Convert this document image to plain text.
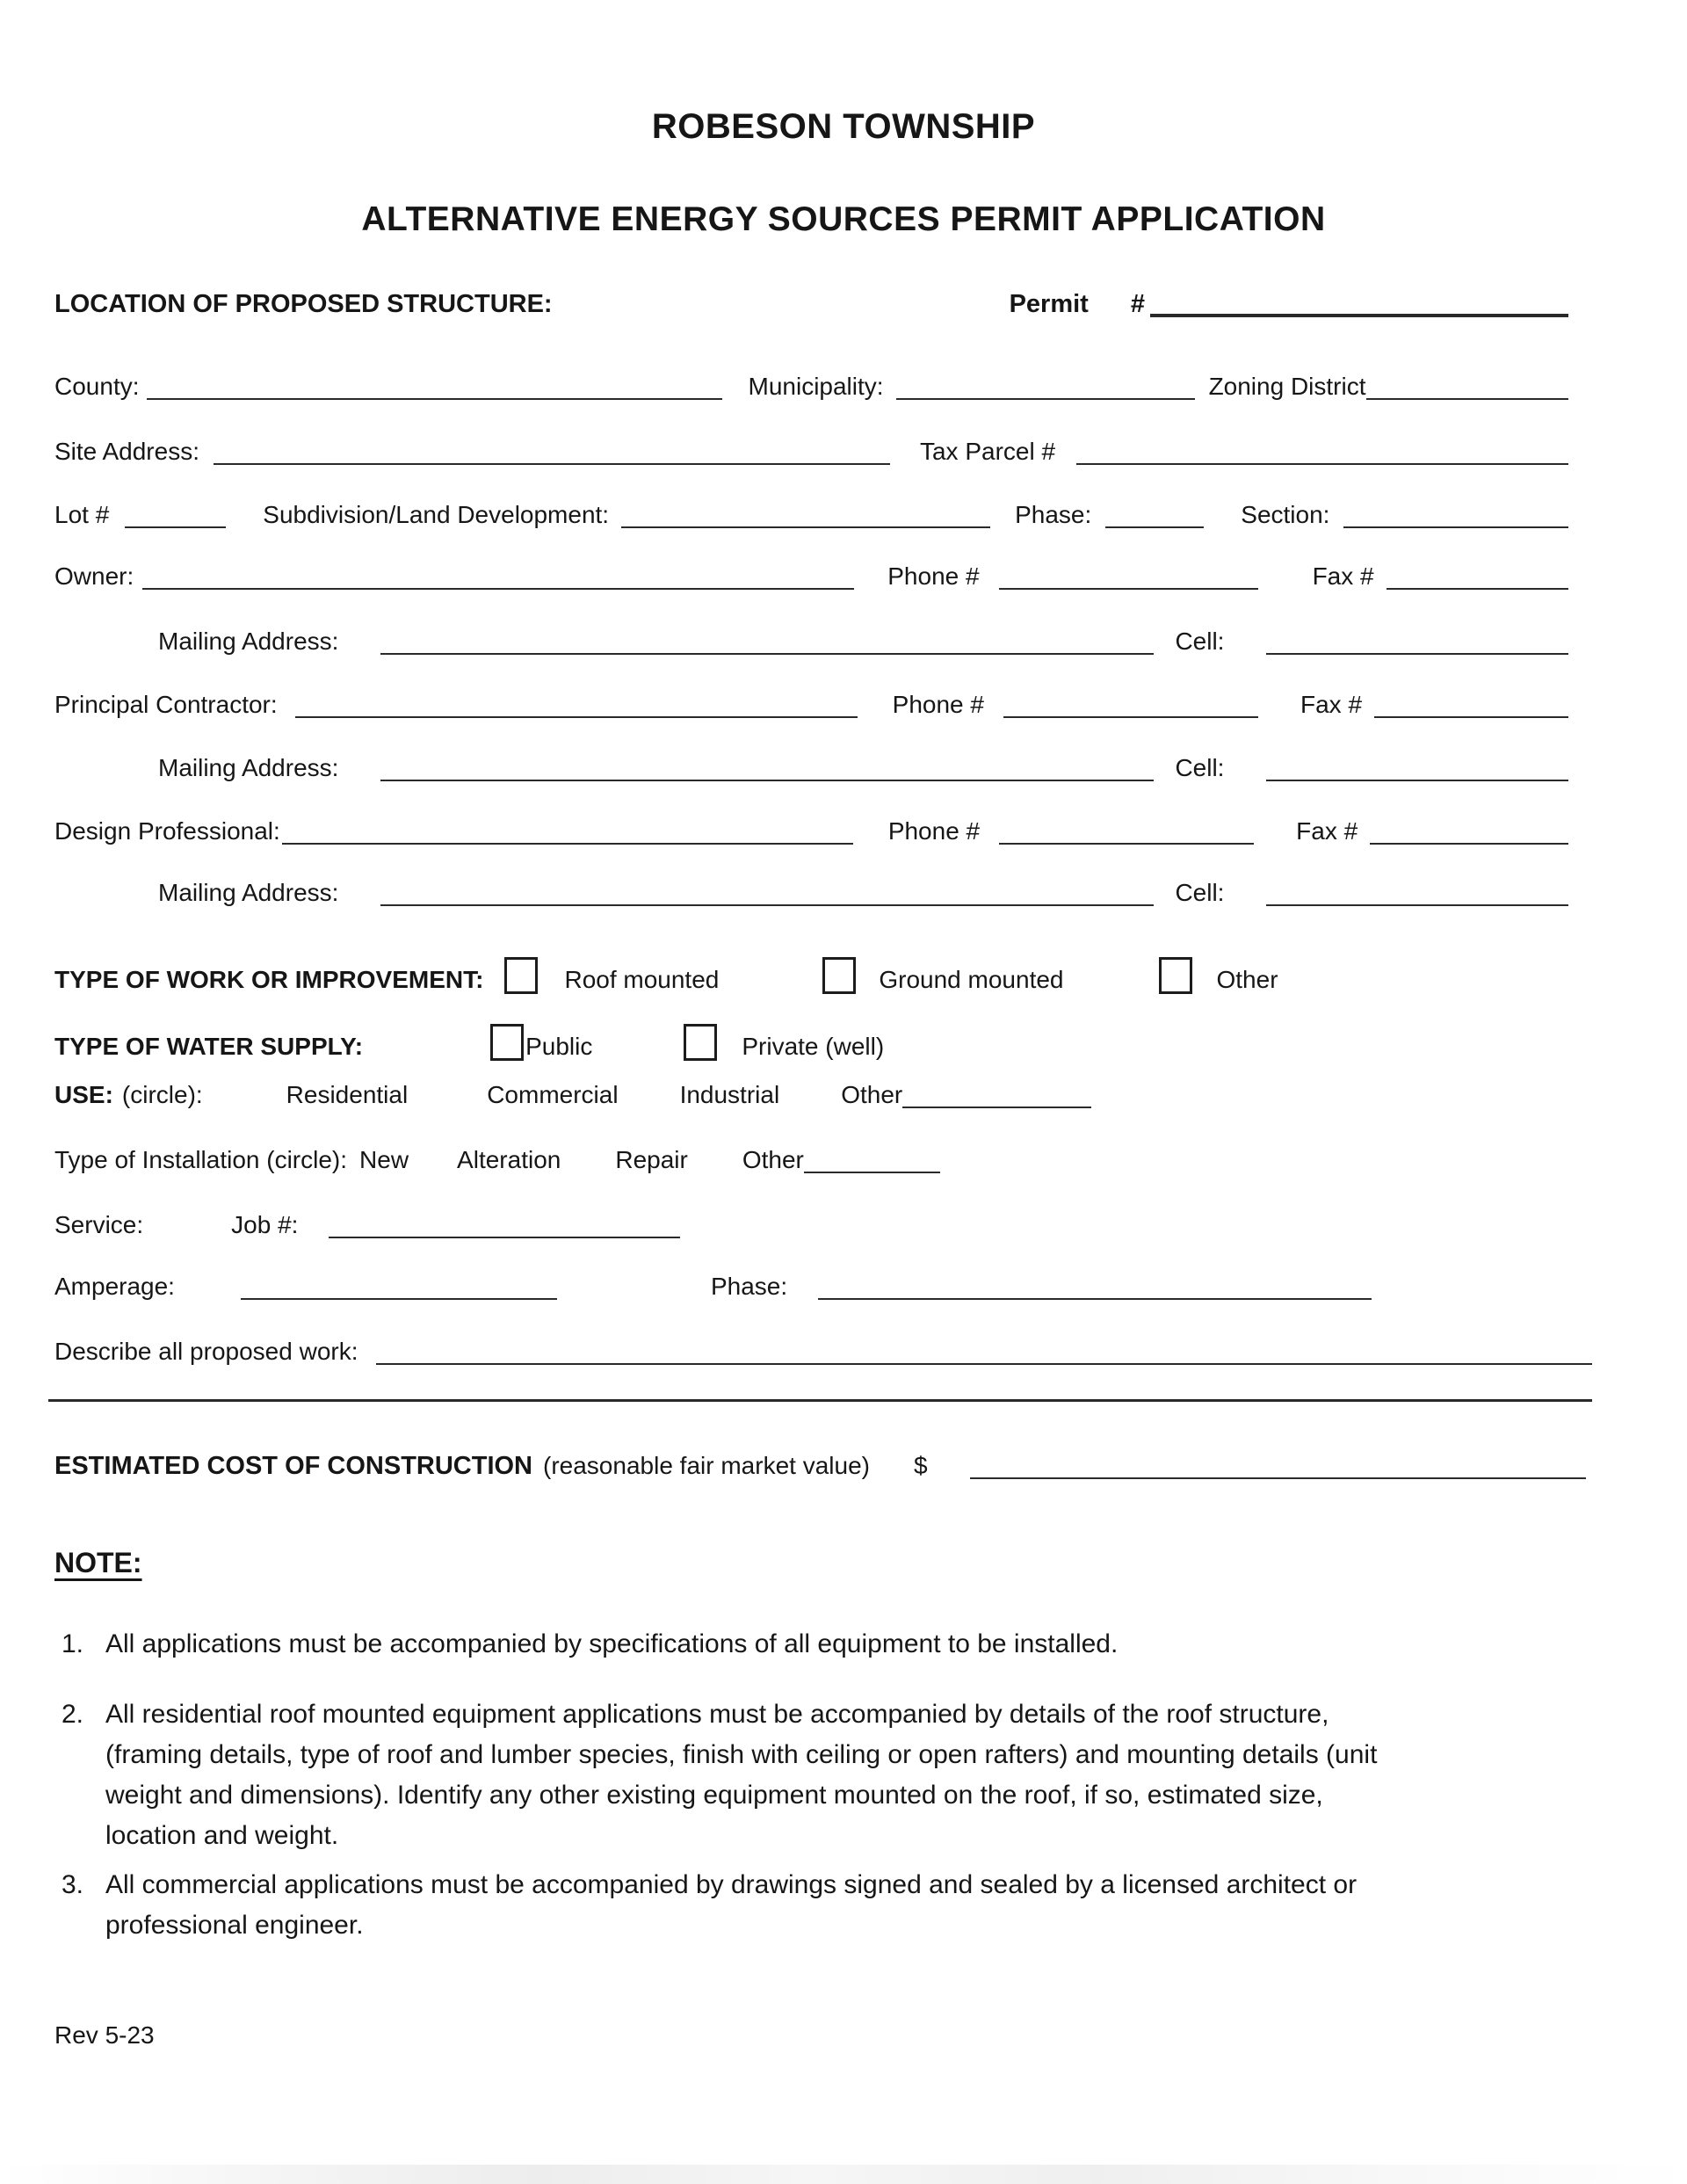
ROBESON TOWNSHIP
ALTERNATIVE ENERGY SOURCES PERMIT APPLICATION
LOCATION OF PROPOSED STRUCTURE:	Permit #
County:	Municipality:	Zoning District
Site Address:	Tax Parcel #
Lot #	Subdivision/Land Development:	Phase:	Section:
Owner:	Phone #	Fax #
Mailing Address:	Cell:
Principal Contractor:	Phone #	Fax #
Mailing Address:	Cell:
Design Professional:	Phone #	Fax #
Mailing Address:	Cell:
TYPE OF WORK OR IMPROVEMENT:	Roof mounted	Ground mounted	Other
TYPE OF WATER SUPPLY:	Public	Private (well)
USE: (circle):	Residential	Commercial	Industrial	Other
Type of Installation (circle): New Alteration Repair Other
Service:	Job #:
Amperage:	Phase:
Describe all proposed work:
ESTIMATED COST OF CONSTRUCTION (reasonable fair market value) $
NOTE:
1. All applications must be accompanied by specifications of all equipment to be installed.
2. All residential roof mounted equipment applications must be accompanied by details of the roof structure,
(framing details, type of roof and lumber species, finish with ceiling or open rafters) and mounting details (unit
weight and dimensions). Identify any other existing equipment mounted on the roof, if so, estimated size,
location and weight.
3. All commercial applications must be accompanied by drawings signed and sealed by a licensed architect or
professional engineer.
Rev 5-23
